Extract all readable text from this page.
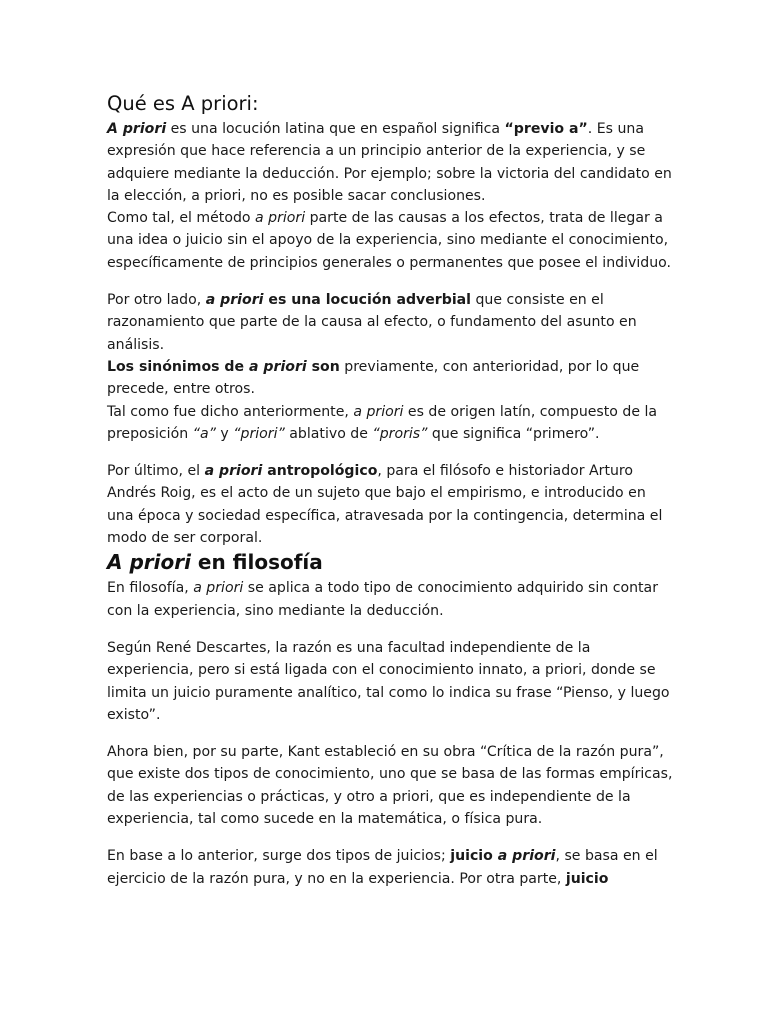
Qué es A priori:

A priori es una locución latina que en español significa “previo a”. Es una

expresión que hace referencia a un principio anterior de la experiencia, y se

adquiere mediante la deducción. Por ejemplo; sobre la victoria del candidato en

la elección, a priori, no es posible sacar conclusiones.

Como tal, el método a priori parte de las causas a los efectos, trata de llegar a

una idea o juicio sin el apoyo de la experiencia, sino mediante el conocimiento,

específicamente de principios generales o permanentes que posee el individuo.

Por otro lado, a priori es una locución adverbial que consiste en el

razonamiento que parte de la causa al efecto, o fundamento del asunto en

análisis.

Los sinónimos de a priori son previamente, con anterioridad, por lo que

precede, entre otros.

Tal como fue dicho anteriormente, a priori es de origen latín, compuesto de la

preposición “a” y “priori” ablativo de “proris” que significa “primero”.

Por último, el a priori antropológico, para el filósofo e historiador Arturo

Andrés Roig, es el acto de un sujeto que bajo el empirismo, e introducido en

una época y sociedad específica, atravesada por la contingencia, determina el

modo de ser corporal.

A priori en filosofía

En filosofía, a priori se aplica a todo tipo de conocimiento adquirido sin contar

con la experiencia, sino mediante la deducción.

Según René Descartes, la razón es una facultad independiente de la

experiencia, pero si está ligada con el conocimiento innato, a priori, donde se

limita un juicio puramente analítico, tal como lo indica su frase “Pienso, y luego

existo”.

Ahora bien, por su parte, Kant estableció en su obra “Crítica de la razón pura”,

que existe dos tipos de conocimiento, uno que se basa de las formas empíricas,

de las experiencias o prácticas, y otro a priori, que es independiente de la

experiencia, tal como sucede en la matemática, o física pura.

En base a lo anterior, surge dos tipos de juicios; juicio a priori, se basa en el

ejercicio de la razón pura, y no en la experiencia. Por otra parte, juicio
